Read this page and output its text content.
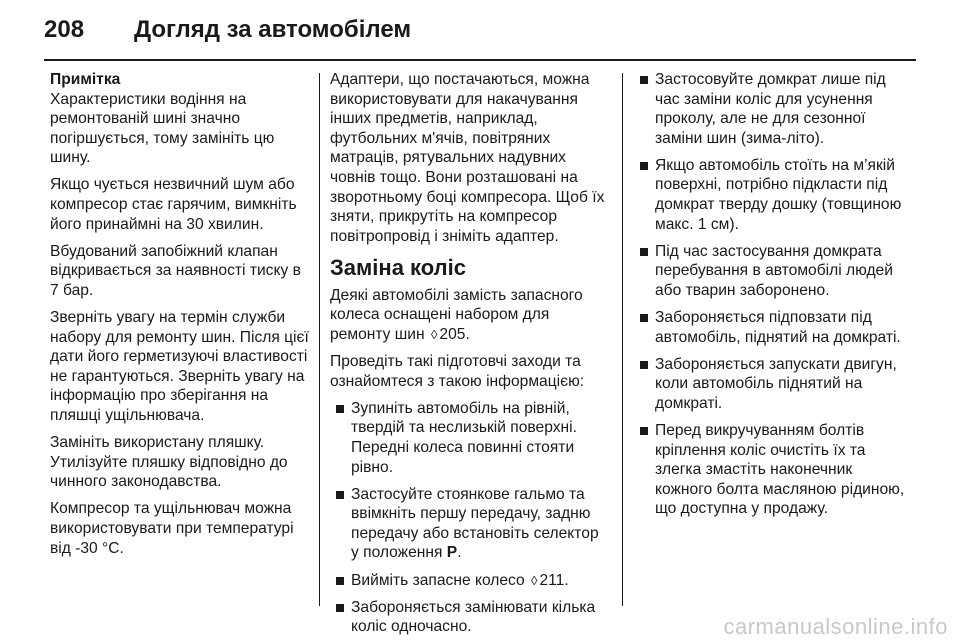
208	Догляд за автомобілем

Примітка

Характеристики водіння на ремонтованій шині значно погіршується, тому замініть цю шину.

Якщо чується незвичний шум або компресор стає гарячим, вимкніть його принаймні на 30 хвилин.

Вбудований запобіжний клапан відкривається за наявності тиску в 7 бар.

Зверніть увагу на термін служби набору для ремонту шин. Після цієї дати його герметизуючі властивості не гарантуються. Зверніть увагу на інформацію про зберігання на пляшці ущільнювача.

Замініть використану пляшку. Утилізуйте пляшку відповідно до чинного законодавства.

Компресор та ущільнювач можна використовувати при температурі від -30 °C.

Адаптери, що постачаються, можна використовувати для накачування інших предметів, наприклад, футбольних м'ячів, повітряних матраців, рятувальних надувних човнів тощо. Вони розташовані на зворотньому боці компресора. Щоб їх зняти, прикрутіть на компресор повітропровід і зніміть адаптер.

Заміна коліс

Деякі автомобілі замість запасного колеса оснащені набором для ремонту шин ◊ 205.

Проведіть такі підготовчі заходи та ознайомтеся з такою інформацією:

Зупиніть автомобіль на рівній, твердій та неслизькій поверхні. Передні колеса повинні стояти рівно.
Застосуйте стоянкове гальмо та ввімкніть першу передачу, задню передачу або встановіть селектор у положення P.
Вийміть запасне колесо ◊ 211.
Забороняється замінювати кілька коліс одночасно.
Застосовуйте домкрат лише під час заміни коліс для усунення проколу, але не для сезонної заміни шин (зима-літо).
Якщо автомобіль стоїть на м’якій поверхні, потрібно підкласти під домкрат тверду дошку (товщиною макс. 1 см).
Під час застосування домкрата перебування в автомобілі людей або тварин заборонено.
Забороняється підповзати під автомобіль, піднятий на домкраті.
Забороняється запускати двигун, коли автомобіль піднятий на домкраті.
Перед викручуванням болтів кріплення коліс очистіть їх та злегка змастіть наконечник кожного болта масляною рідиною, що доступна у продажу.
carmanualsonline.info
